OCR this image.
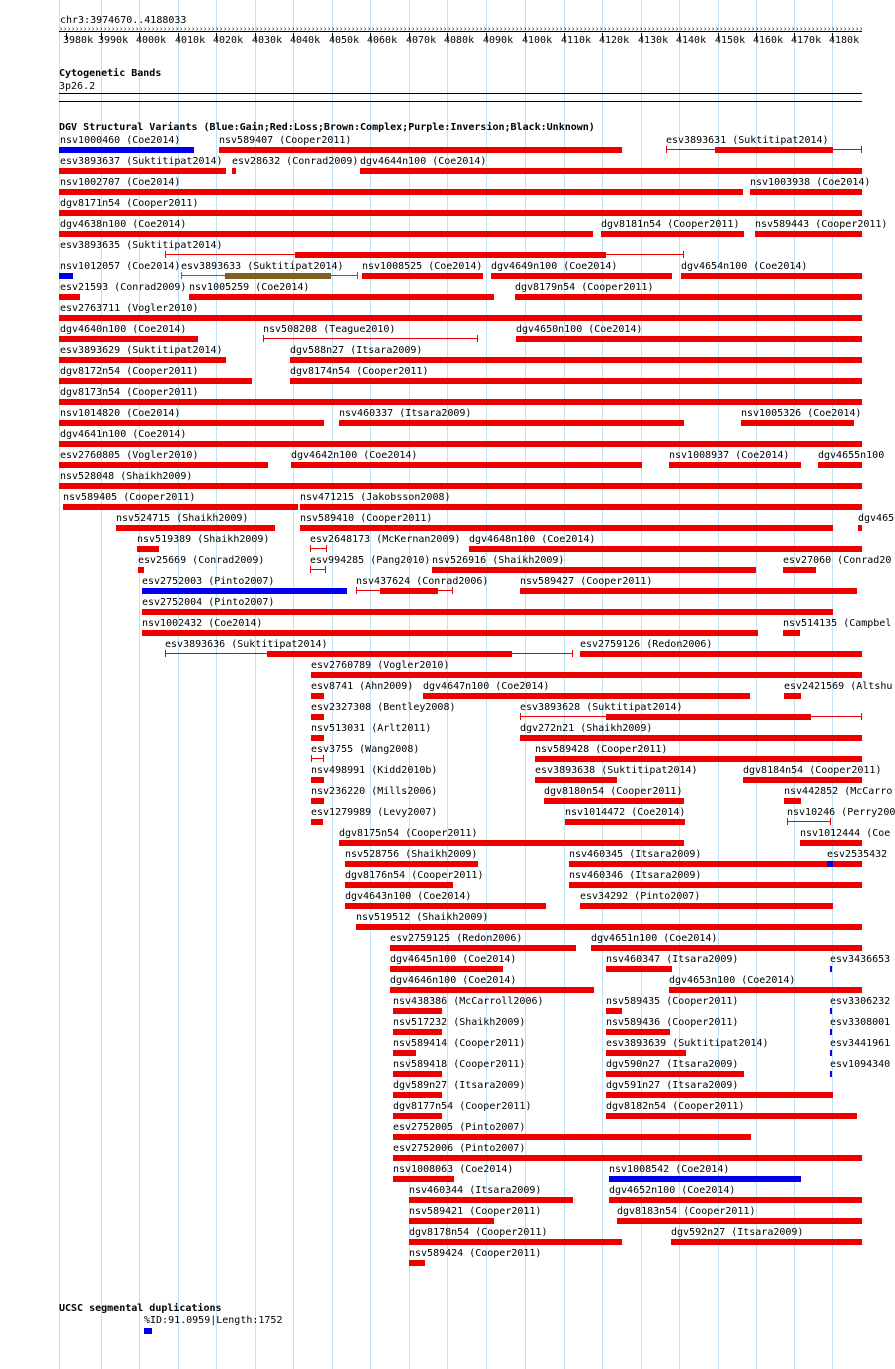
chr3:3974670..4188033
› › › › › › › › › › › › › › › › › › › › › › › › › › › › › › › › › › › › › › › › › › › › › › › › › › › › › › › › › › › › › › › › › › › › › › › › › › › › › › › › › › › › › › › › › › › › › › › › › › › › › › › › › › › › › › › › › › › › › › › › › › › › › › › › › › › › › › › › › › › › › › › › › › › › › › › › › › › › › › › › › › › › › › › › › › › › › › › › › › › › › › › › › › › › › › › › › › › › › › › › ›
3980k 3990k 4000k 4010k 4020k 4030k 4040k 4050k 4060k 4070k 4080k 4090k 4100k 4110k 4120k 4130k 4140k 4150k 4160k 4170k 4180k
Cytogenetic Bands
3p26.2
DGV Structural Variants (Blue:Gain;Red:Loss;Brown:Complex;Purple:Inversion;Black:Unknown)
nsv1000460 (Coe2014)	nsv589407 (Cooper2011)	esv3893631 (Suktitipat2014)
esv3893637 (Suktitipat2014) esv28632 (Conrad2009) dgv4644n100 (Coe2014)
nsv1002707 (Coe2014)	nsv1003938 (Coe2014)
dgv8171n54 (Cooper2011)
dgv4638n100 (Coe2014)	dgv8181n54 (Cooper2011) nsv589443 (Cooper2011)
esv3893635 (Suktitipat2014)
nsv1012057 (Coe2014) esv3893633 (Suktitipat2014) nsv1008525 (Coe2014) dgv4649n100 (Coe2014)	dgv4654n100 (Coe2014)
esv21593 (Conrad2009) nsv1005259 (Coe2014)	dgv8179n54 (Cooper2011)
esv2763711 (Vogler2010)
dgv4640n100 (Coe2014)	nsv508208 (Teague2010)	dgv4650n100 (Coe2014)
esv3893629 (Suktitipat2014)	dgv588n27 (Itsara2009)
dgv8172n54 (Cooper2011)	dgv8174n54 (Cooper2011)
dgv8173n54 (Cooper2011)
nsv1014820 (Coe2014)	nsv460337 (Itsara2009)	nsv1005326 (Coe2014)
dgv4641n100 (Coe2014)
esv2760805 (Vogler2010)	dgv4642n100 (Coe2014)	nsv1008937 (Coe2014)	dgv4655n100
nsv528048 (Shaikh2009)
nsv589405 (Cooper2011)	nsv471215 (Jakobsson2008)
nsv524715 (Shaikh2009)	nsv589410 (Cooper2011)	dgv465
nsv519389 (Shaikh2009)	esv2648173 (McKernan2009) dgv4648n100 (Coe2014)
esv25669 (Conrad2009)	esv994285 (Pang2010) nsv526916 (Shaikh2009)	esv27060 (Conrad20
esv2752003 (Pinto2007)	nsv437624 (Conrad2006)	nsv589427 (Cooper2011)
esv2752004 (Pinto2007)
nsv1002432 (Coe2014)	nsv514135 (Campbel
esv3893636 (Suktitipat2014)	esv2759126 (Redon2006)
esv2760789 (Vogler2010)
esv8741 (Ahn2009) dgv4647n100 (Coe2014)	esv2421569 (Altshu
esv2327308 (Bentley2008)	esv3893628 (Suktitipat2014)
nsv513031 (Arlt2011)	dgv272n21 (Shaikh2009)
esv3755 (Wang2008)	nsv589428 (Cooper2011)
nsv498991 (Kidd2010b)	esv3893638 (Suktitipat2014)	dgv8184n54 (Cooper2011)
nsv236220 (Mills2006)	dgv8180n54 (Cooper2011)	nsv442852 (McCarro
esv1279989 (Levy2007)	nsv1014472 (Coe2014)	nsv10246 (Perry200
dgv8175n54 (Cooper2011)	nsv1012444 (Coe
nsv528756 (Shaikh2009)	nsv460345 (Itsara2009)	esv2535432
dgv8176n54 (Cooper2011)	nsv460346 (Itsara2009)
dgv4643n100 (Coe2014)	esv34292 (Pinto2007)
nsv519512 (Shaikh2009)
esv2759125 (Redon2006)	dgv4651n100 (Coe2014)
dgv4645n100 (Coe2014)	nsv460347 (Itsara2009)	esv3436653
dgv4646n100 (Coe2014)	dgv4653n100 (Coe2014)
nsv438386 (McCarroll2006)	nsv589435 (Cooper2011)	esv3306232
nsv517232 (Shaikh2009)	nsv589436 (Cooper2011)	esv3308001
nsv589414 (Cooper2011)	esv3893639 (Suktitipat2014)	esv3441961
nsv589418 (Cooper2011)	dgv590n27 (Itsara2009)	esv1094340
dgv589n27 (Itsara2009)	dgv591n27 (Itsara2009)
dgv8177n54 (Cooper2011)	dgv8182n54 (Cooper2011)
esv2752005 (Pinto2007)
esv2752006 (Pinto2007)
nsv1008063 (Coe2014)	nsv1008542 (Coe2014)
nsv460344 (Itsara2009)	dgv4652n100 (Coe2014)
nsv589421 (Cooper2011)	dgv8183n54 (Cooper2011)
dgv8178n54 (Cooper2011)	dgv592n27 (Itsara2009)
nsv589424 (Cooper2011)
UCSC segmental duplications
%ID:91.0959|Length:1752
